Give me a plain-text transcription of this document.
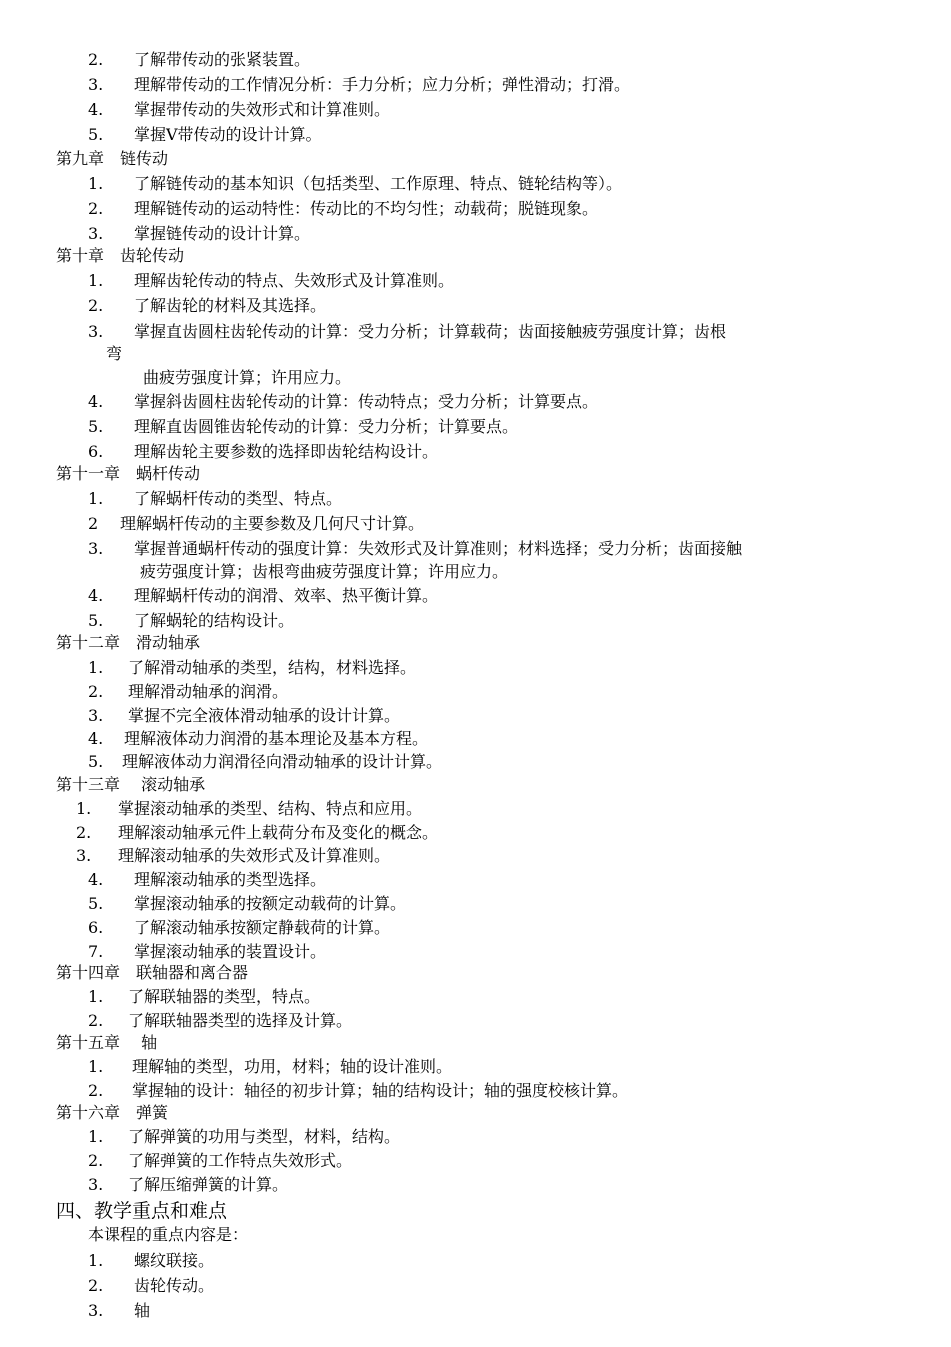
2. 了解带传动的张紧装置。
3. 理解带传动的工作情况分析：手力分析；应力分析；弹性滑动；打滑。
4. 掌握带传动的失效形式和计算准则。
5. 掌握V带传动的设计计算。
第九章　链传动
1. 了解链传动的基本知识（包括类型、工作原理、特点、链轮结构等）。
2. 理解链传动的运动特性：传动比的不均匀性；动载荷；脱链现象。
3. 掌握链传动的设计计算。
第十章　齿轮传动
1. 理解齿轮传动的特点、失效形式及计算准则。
2. 了解齿轮的材料及其选择。
3. 掌握直齿圆柱齿轮传动的计算：受力分析；计算载荷；齿面接触疲劳强度计算；齿根
弯
曲疲劳强度计算；许用应力。
4. 掌握斜齿圆柱齿轮传动的计算：传动特点；受力分析；计算要点。
5. 理解直齿圆锥齿轮传动的计算：受力分析；计算要点。
6. 理解齿轮主要参数的选择即齿轮结构设计。
第十一章　蜗杆传动
1. 了解蜗杆传动的类型、特点。
2 理解蜗杆传动的主要参数及几何尺寸计算。
3. 掌握普通蜗杆传动的强度计算：失效形式及计算准则；材料选择；受力分析；齿面接触
疲劳强度计算；齿根弯曲疲劳强度计算；许用应力。
4. 理解蜗杆传动的润滑、效率、热平衡计算。
5. 了解蜗轮的结构设计。
第十二章　滑动轴承
1. 了解滑动轴承的类型，结构，材料选择。
2. 理解滑动轴承的润滑。
3. 掌握不完全液体滑动轴承的设计计算。
4. 理解液体动力润滑的基本理论及基本方程。
5. 理解液体动力润滑径向滑动轴承的设计计算。
第十三章　 滚动轴承
1. 掌握滚动轴承的类型、结构、特点和应用。
2. 理解滚动轴承元件上载荷分布及变化的概念。
3. 理解滚动轴承的失效形式及计算准则。
4. 理解滚动轴承的类型选择。
5. 掌握滚动轴承的按额定动载荷的计算。
6. 了解滚动轴承按额定静载荷的计算。
7. 掌握滚动轴承的装置设计。
第十四章　联轴器和离合器
1. 了解联轴器的类型，特点。
2. 了解联轴器类型的选择及计算。
第十五章　 轴
1. 理解轴的类型，功用，材料；轴的设计准则。
2. 掌握轴的设计：轴径的初步计算；轴的结构设计；轴的强度校核计算。
第十六章　弹簧
1. 了解弹簧的功用与类型，材料，结构。
2. 了解弹簧的工作特点失效形式。
3. 了解压缩弹簧的计算。
四、教学重点和难点
本课程的重点内容是：
1. 螺纹联接。
2. 齿轮传动。
3. 轴
